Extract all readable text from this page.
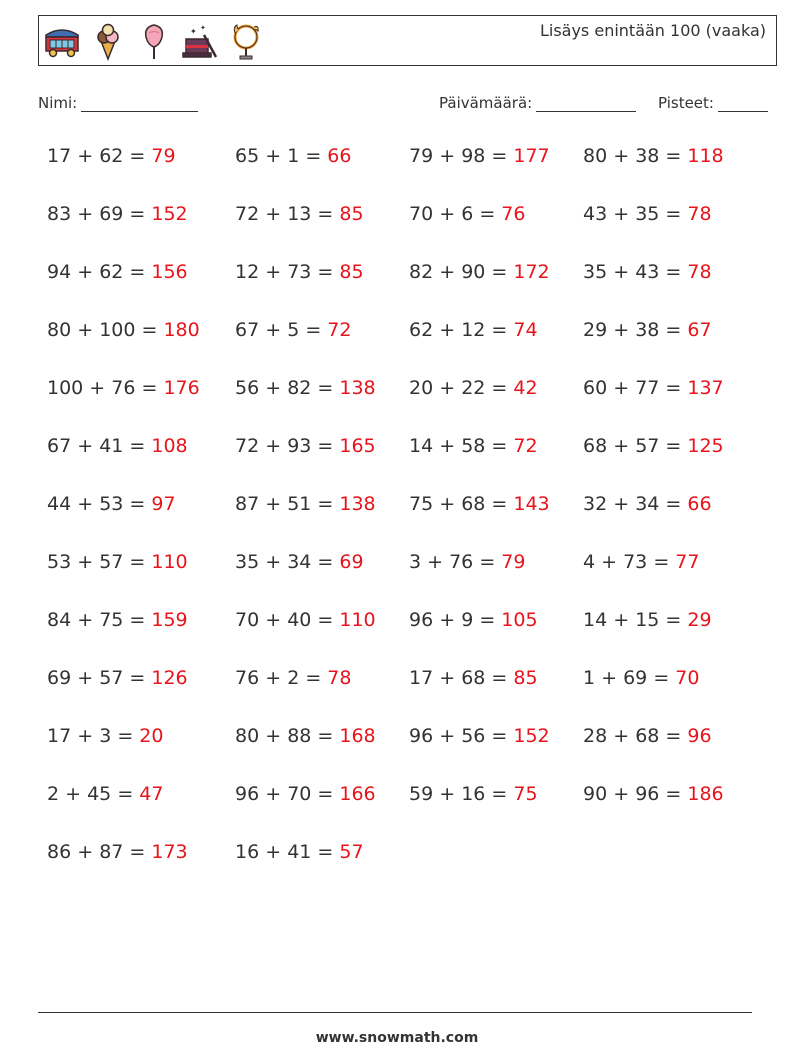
✦ ✦	Lisäys enintään 100 (vaaka)
Nimi:	Päivämäärä:	Pisteet:
17 + 62 = 79	65 + 1 = 66	79 + 98 = 177 80 + 38 = 118
83 + 69 = 152 72 + 13 = 85 70 + 6 = 76	43 + 35 = 78
94 + 62 = 156 12 + 73 = 85 82 + 90 = 172 35 + 43 = 78
80 + 100 = 180 67 + 5 = 72	62 + 12 = 74 29 + 38 = 67
100 + 76 = 176 56 + 82 = 138 20 + 22 = 42 60 + 77 = 137
67 + 41 = 108 72 + 93 = 165 14 + 58 = 72 68 + 57 = 125
44 + 53 = 97	87 + 51 = 138 75 + 68 = 143 32 + 34 = 66
53 + 57 = 110 35 + 34 = 69 3 + 76 = 79	4 + 73 = 77
84 + 75 = 159 70 + 40 = 110 96 + 9 = 105 14 + 15 = 29
69 + 57 = 126 76 + 2 = 78	17 + 68 = 85 1 + 69 = 70
17 + 3 = 20	80 + 88 = 168 96 + 56 = 152 28 + 68 = 96
2 + 45 = 47	96 + 70 = 166 59 + 16 = 75 90 + 96 = 186
86 + 87 = 173 16 + 41 = 57
www.snowmath.com
